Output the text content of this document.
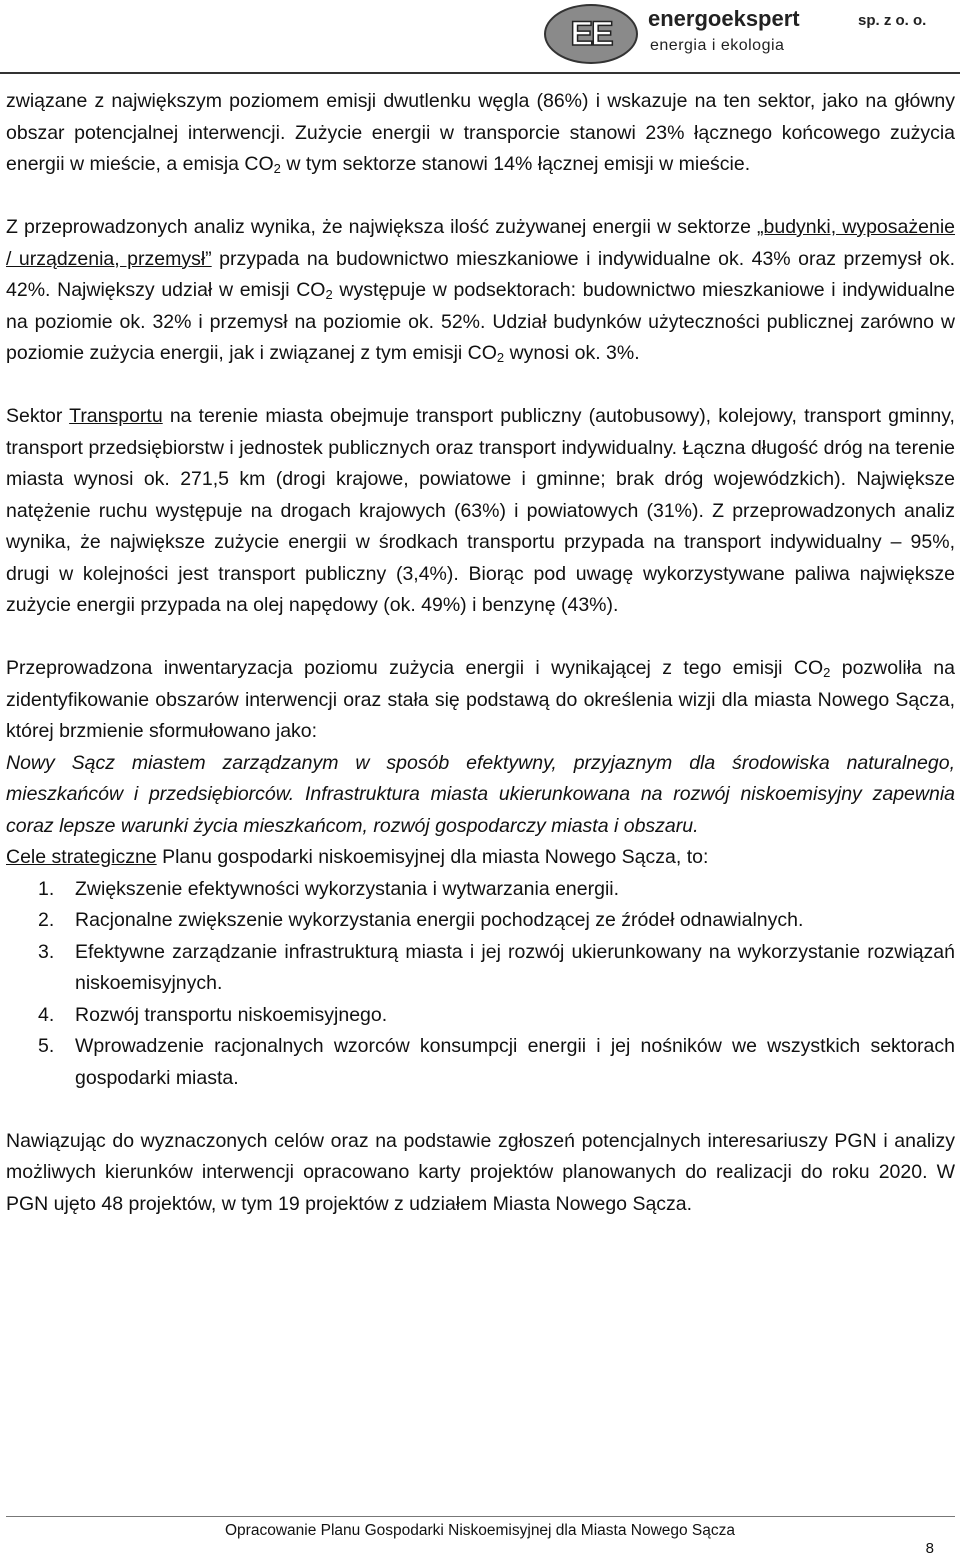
EE energoekspert	sp. z o. o.
energia i ekologia

związane z największym poziomem emisji dwutlenku węgla (86%) i wskazuje na ten sektor, jako na główny obszar potencjalnej interwencji. Zużycie energii w transporcie stanowi 23% łącznego końcowego zużycia energii w mieście, a emisja $CO_2$ w tym sektorze stanowi 14% łącznej emisji w mieście.

Z przeprowadzonych analiz wynika, że największa ilość zużywanej energii w sektorze „budynki, wyposażenie / urządzenia, przemysł” przypada na budownictwo mieszkaniowe i indywidualne ok. 43% oraz przemysł ok. 42%. Największy udział w emisji $CO_2$ występuje w podsektorach: budownictwo mieszkaniowe i indywidualne na poziomie ok. 32% i przemysł na poziomie ok. 52%. Udział budynków użyteczności publicznej zarówno w poziomie zużycia energii, jak i związanej z tym emisji $CO_2$ wynosi ok. 3%.

Sektor Transportu na terenie miasta obejmuje transport publiczny (autobusowy), kolejowy, transport gminny, transport przedsiębiorstw i jednostek publicznych oraz transport indywidualny. Łączna długość dróg na terenie miasta wynosi ok. 271,5 km (drogi krajowe, powiatowe i gminne; brak dróg wojewódzkich). Największe natężenie ruchu występuje na drogach krajowych (63%) i powiatowych (31%). Z przeprowadzonych analiz wynika, że największe zużycie energii w środkach transportu przypada na transport indywidualny – 95%, drugi w kolejności jest transport publiczny (3,4%). Biorąc pod uwagę wykorzystywane paliwa największe zużycie energii przypada na olej napędowy (ok. 49%) i benzynę (43%).

Przeprowadzona inwentaryzacja poziomu zużycia energii i wynikającej z tego emisji $CO_2$ pozwoliła na zidentyfikowanie obszarów interwencji oraz stała się podstawą do określenia wizji dla miasta Nowego Sącza, której brzmienie sformułowano jako:

Nowy Sącz miastem zarządzanym w sposób efektywny, przyjaznym dla środowiska naturalnego, mieszkańców i przedsiębiorców. Infrastruktura miasta ukierunkowana na rozwój niskoemisyjny zapewnia coraz lepsze warunki życia mieszkańcom, rozwój gospodarczy miasta i obszaru.

Cele strategiczne Planu gospodarki niskoemisyjnej dla miasta Nowego Sącza, to:

1. Zwiększenie efektywności wykorzystania i wytwarzania energii.
2. Racjonalne zwiększenie wykorzystania energii pochodzącej ze źródeł odnawialnych.
3. Efektywne zarządzanie infrastrukturą miasta i jej rozwój ukierunkowany na wykorzystanie rozwiązań niskoemisyjnych.
4. Rozwój transportu niskoemisyjnego.
5. Wprowadzenie racjonalnych wzorców konsumpcji energii i jej nośników we wszystkich sektorach gospodarki miasta.

Nawiązując do wyznaczonych celów oraz na podstawie zgłoszeń potencjalnych interesariuszy PGN i analizy możliwych kierunków interwencji opracowano karty projektów planowanych do realizacji do roku 2020. W PGN ujęto 48 projektów, w tym 19 projektów z udziałem Miasta Nowego Sącza.

Opracowanie Planu Gospodarki Niskoemisyjnej dla Miasta Nowego Sącza
8
